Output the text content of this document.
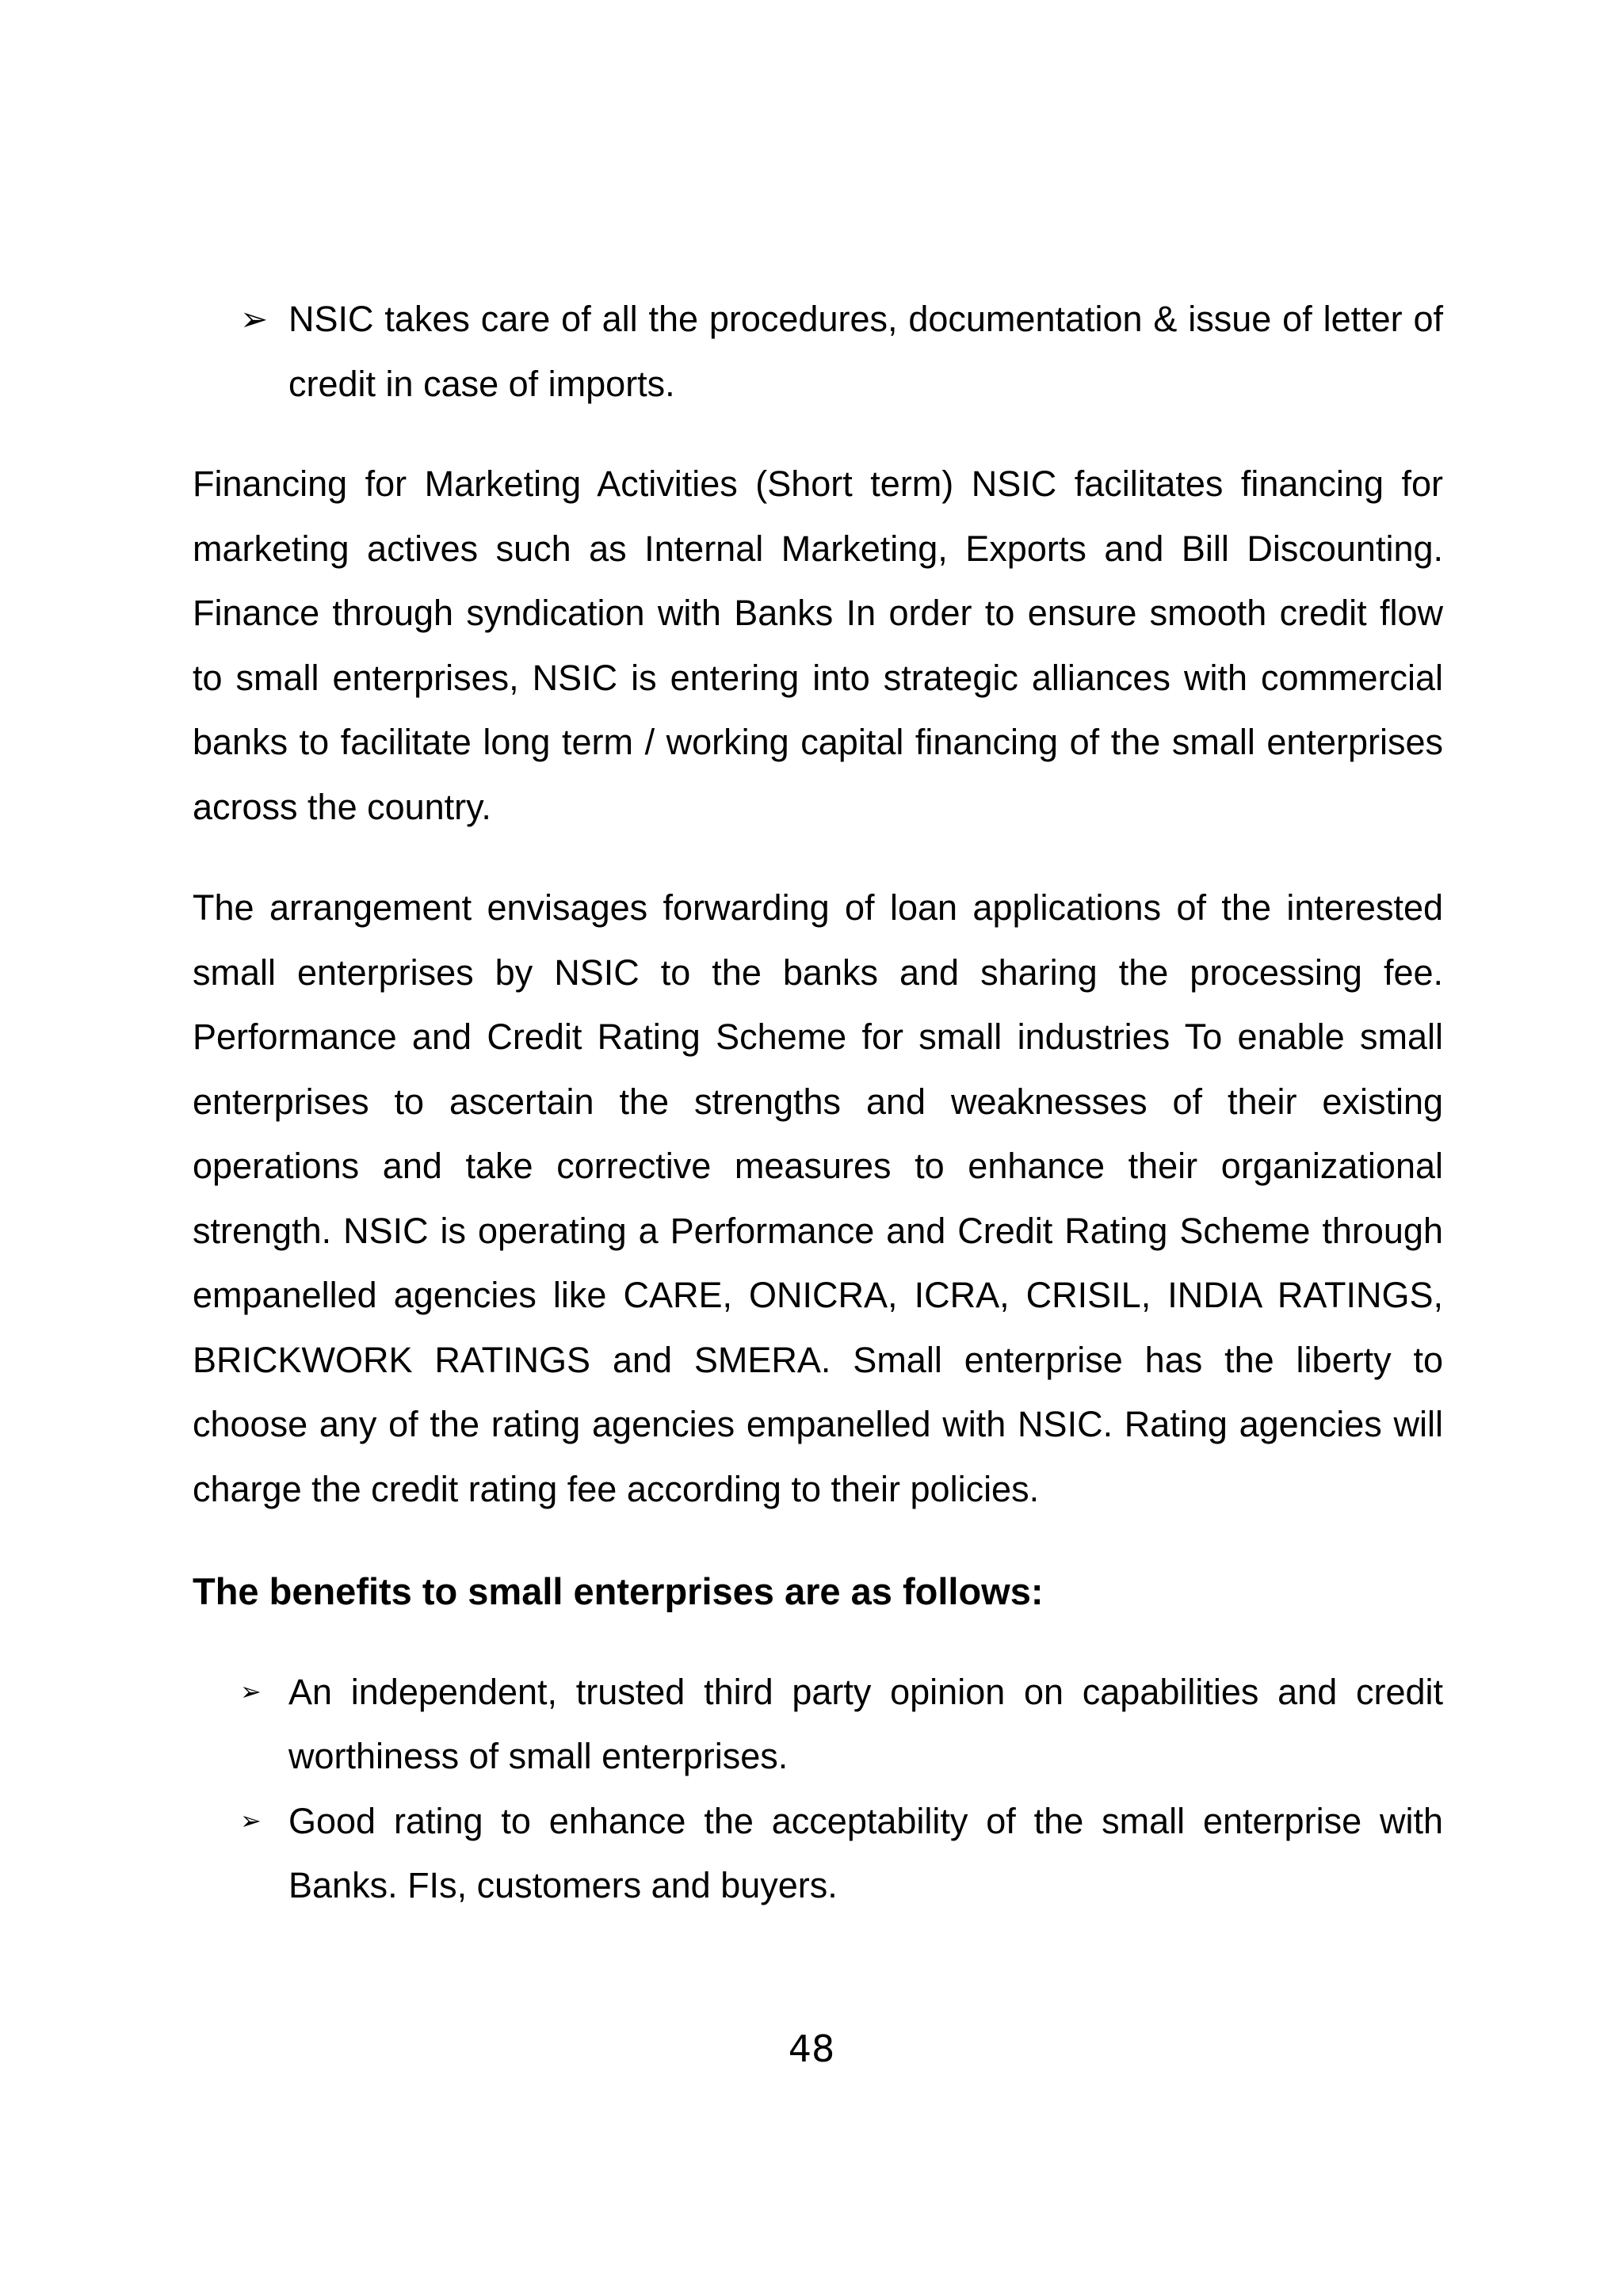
➢ NSIC takes care of all the procedures, documentation & issue of letter of credit in case of imports.

Financing for Marketing Activities (Short term) NSIC facilitates financing for marketing actives such as Internal Marketing, Exports and Bill Discounting. Finance through syndication with Banks In order to ensure smooth credit flow to small enterprises, NSIC is entering into strategic alliances with commercial banks to facilitate long term / working capital financing of the small enterprises across the country.

The arrangement envisages forwarding of loan applications of the interested small enterprises by NSIC to the banks and sharing the processing fee. Performance and Credit Rating Scheme for small industries To enable small enterprises to ascertain the strengths and weaknesses of their existing operations and take corrective measures to enhance their organizational strength. NSIC is operating a Performance and Credit Rating Scheme through empanelled agencies like CARE, ONICRA, ICRA, CRISIL, INDIA RATINGS, BRICKWORK RATINGS and SMERA. Small enterprise has the liberty to choose any of the rating agencies empanelled with NSIC. Rating agencies will charge the credit rating fee according to their policies.

The benefits to small enterprises are as follows:
➢ An independent, trusted third party opinion on capabilities and credit worthiness of small enterprises.
➢ Good rating to enhance the acceptability of the small enterprise with Banks. FIs, customers and buyers.
48
